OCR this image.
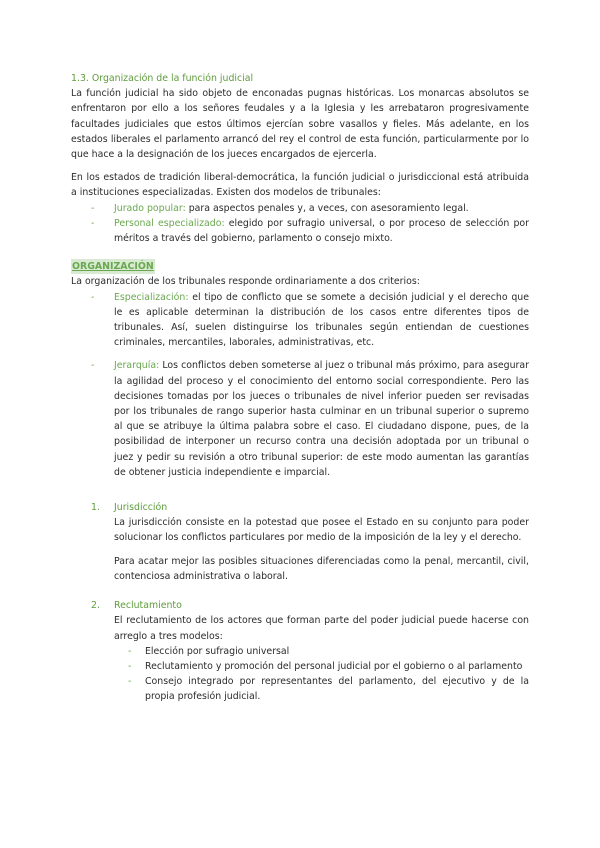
1.3. Organización de la función judicial

La función judicial ha sido objeto de enconadas pugnas históricas. Los monarcas absolutos se enfrentaron por ello a los señores feudales y a la Iglesia y les arrebataron progresivamente facultades judiciales que estos últimos ejercían sobre vasallos y fieles. Más adelante, en los estados liberales el parlamento arrancó del rey el control de esta función, particularmente por lo que hace a la designación de los jueces encargados de ejercerla.

En los estados de tradición liberal-democrática, la función judicial o jurisdiccional está atribuida a instituciones especializadas. Existen dos modelos de tribunales:

- Jurado popular: para aspectos penales y, a veces, con asesoramiento legal.
- Personal especializado: elegido por sufragio universal, o por proceso de selección por méritos a través del gobierno, parlamento o consejo mixto.
ORGANIZACIÓN

La organización de los tribunales responde ordinariamente a dos criterios:

- Especialización: el tipo de conflicto que se somete a decisión judicial y el derecho que le es aplicable determinan la distribución de los casos entre diferentes tipos de tribunales. Así, suelen distinguirse los tribunales según entiendan de cuestiones criminales, mercantiles, laborales, administrativas, etc.
- Jerarquía: Los conflictos deben someterse al juez o tribunal más próximo, para asegurar la agilidad del proceso y el conocimiento del entorno social correspondiente. Pero las decisiones tomadas por los jueces o tribunales de nivel inferior pueden ser revisadas por los tribunales de rango superior hasta culminar en un tribunal superior o supremo al que se atribuye la última palabra sobre el caso. El ciudadano dispone, pues, de la posibilidad de interponer un recurso contra una decisión adoptada por un tribunal o juez y pedir su revisión a otro tribunal superior: de este modo aumentan las garantías de obtener justicia independiente e imparcial.
1. Jurisdicción

La jurisdicción consiste en la potestad que posee el Estado en su conjunto para poder solucionar los conflictos particulares por medio de la imposición de la ley y el derecho.

Para acatar mejor las posibles situaciones diferenciadas como la penal, mercantil, civil, contenciosa administrativa o laboral.

2. Reclutamiento

El reclutamiento de los actores que forman parte del poder judicial puede hacerse con arreglo a tres modelos:

- Elección por sufragio universal
- Reclutamiento y promoción del personal judicial por el gobierno o al parlamento
- Consejo integrado por representantes del parlamento, del ejecutivo y de la propia profesión judicial.
